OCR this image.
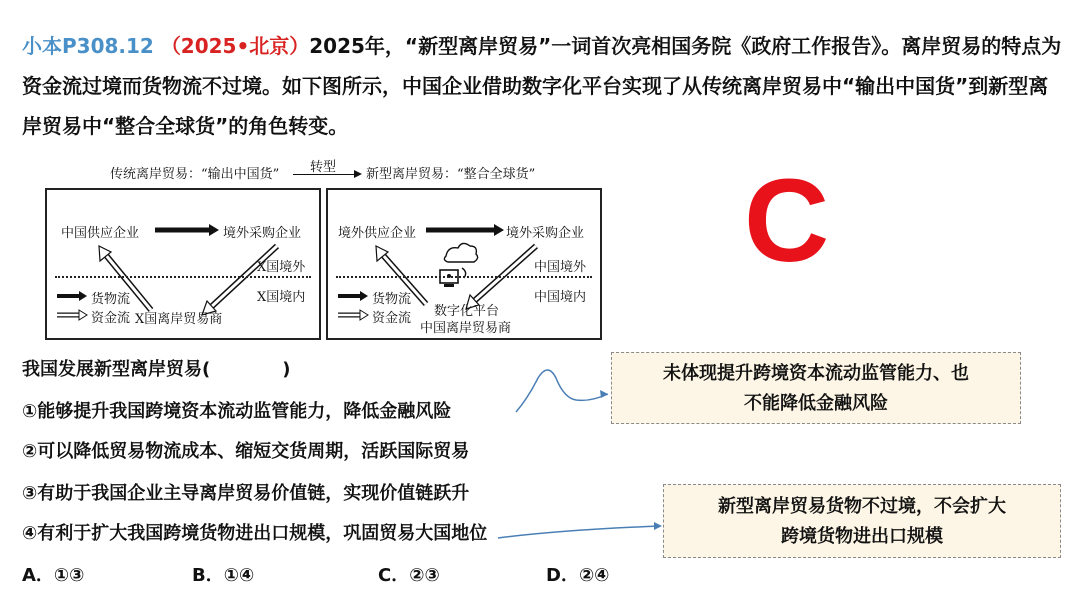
小本P308.12 （2025•北京）2025年，“新型离岸贸易”一词首次亮相国务院《政府工作报告》。离岸贸易的特点为资金流过境而货物流不过境。如下图所示，中国企业借助数字化平台实现了从传统离岸贸易中“输出中国货”到新型离岸贸易中“整合全球货”的角色转变。
传统离岸贸易：“输出中国货” 转型 新型离岸贸易：“整合全球货”
中国供应企业	境外采购企业
X国境外
X国境内
货物流
资金流 X国离岸贸易商
境外供应企业	境外采购企业
中国境外
中国境内
货物流
资金流 数字化平台
中国离岸贸易商
C
我国发展新型离岸贸易(　　　　)
①能够提升我国跨境资本流动监管能力，降低金融风险
②可以降低贸易物流成本、缩短交货周期，活跃国际贸易
③有助于我国企业主导离岸贸易价值链，实现价值链跃升
④有利于扩大我国跨境货物进出口规模，巩固贸易大国地位
A．①③	B．①④	C．②③	D．②④
未体现提升跨境资本流动监管能力、也
不能降低金融风险
新型离岸贸易货物不过境，不会扩大
跨境货物进出口规模
